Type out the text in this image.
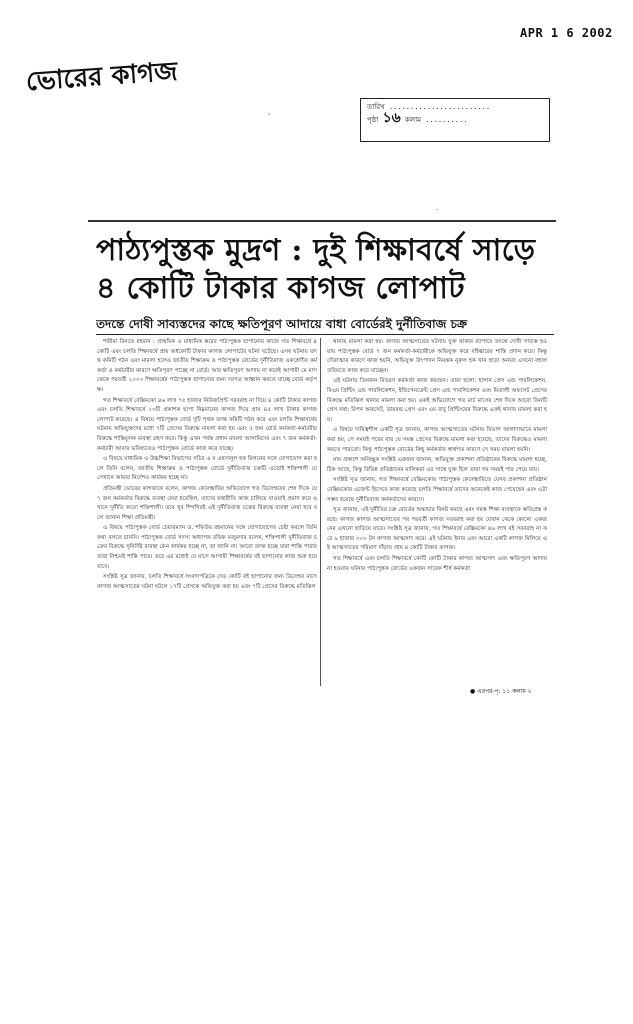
APR 1 6 2002
ভোরের কাগজ
তারিখ ........................
পৃষ্ঠা ১৬ কলাম ..........
‘
.
পাঠ্যপুস্তক মুদ্রণ : দুই শিক্ষাবর্ষে সাড়ে
৪ কোটি টাকার কাগজ লোপাট
তদন্তে দোষী সাব্যস্তদের কাছে ক্ষতিপূরণ আদায়ে বাধা বোর্ডেরই দুর্নীতিবাজ চক্র

শামীমা বিনতে রহমান : প্রাথমিক ও মাধ্যমিক স্তরের পাঠ্যপুস্তক ছাপানোর কাজে গত শিক্ষাবর্ষে ৪ কোটি এবং চলতি শিক্ষাবর্ষে প্রায় অর্ধকোটি টাকার কাগজ লোপাটের ঘটনা ঘটেছে। এসব ঘটনায় তদন্ত কমিটি গঠন এবং মামলা হলেও জাতীয় শিক্ষাক্রম ও পাঠ্যপুস্তক বোর্ডের দুর্নীতিবাজ একশ্রেণীর কর্মকর্তা ও কর্মচারীর কারণে ক্ষতিপূরণ পাচ্ছে না বোর্ড। আর ক্ষতিপূরণ আদায় না করেই আগামী মে মাস থেকে পরবর্তী ২০০৩ শিক্ষাবর্ষের পাঠ্যপুস্তক ছাপানোর জন্য দরপত্র আহ্বান করতে যাচ্ছে বোর্ড কর্তৃপক্ষ।

গত শিক্ষাবর্ষে বেক্সিমকো ৪৬ লাখ ৭৫ হাজার নিউজপ্রিন্ট সরবরাহ না দিয়ে ৪ কোটি টাকার কাগজ এবং চলতি শিক্ষাবর্ষে ২৩টি প্রকাশক ছাপা নিম্নমানের কাগজ দিয়ে প্রায় ৪৫ লাখ টাকার কাগজ লোপাট করেছে। এ বিষয়ে পাঠ্যপুস্তক বোর্ড দুটি পৃথক তদন্ত কমিটি গঠন করে এবং চলতি শিক্ষাবর্ষের ঘটনায় অভিযুক্তদের মধ্যে ৭টি প্রেসের বিরুদ্ধে মামলা করা হয় এবং ৫ জন বোর্ড কর্মকর্তা-কর্মচারীর বিরুদ্ধে শাস্তিমূলক ব্যবস্থা গ্রহণ করে। কিন্তু এখন পর্যন্ত প্রধান মামলা আসামিদের এবং ৭ জন কর্মকর্তা-কর্মচারী আবার ভবিষ্যতেও পাঠ্যপুস্তক বোর্ডে কাজ করে যাচ্ছে।

এ বিষয়ে মাধ্যমিক ও উচ্চশিক্ষা বিভাগের সচিব এ ম এহসানুল হক মিলনের সঙ্গে যোগাযোগ করা হলে তিনি বলেন, জাতীয় শিক্ষাক্রম ও পাঠ্যপুস্তক বোর্ডে দুর্নীতিবাজ চক্রটি এতোই শক্তিশালী যে সেখানে আমার নির্দেশও কার্যকর হচ্ছে না।

প্রতিমন্ত্রী ভোরের কাগজকে বলেন, কাগজ কেলেঙ্কারির অভিযোগে গত ডিসেম্বরের শেষ দিকে যে ৭ জন কর্মকর্তার বিরুদ্ধে ব্যবস্থা নেয়া হয়েছিল, তাদের যথারীতি কাজ চালিয়ে যাওয়াই প্রমাণ করে ওখানে দুর্নীতি কতো শক্তিশালী। তবে খুব শিগগিরই এই দুর্নীতিবাজ চক্রের বিরুদ্ধে ব্যবস্থা নেয়া হবে বলে জানান শিক্ষা প্রতিমন্ত্রী।

এ বিষয়ে পাঠ্যপুস্তক বোর্ড চেয়ারম্যান ড. শফিউর রহমানের সঙ্গে যোগাযোগের চেষ্টা করলে তিনি কথা বলতে চাননি। পাঠ্যপুস্তক বোর্ড সদস্য অধ্যাপক রফিক মজুমদার বলেন, শক্তিশালী দুর্নীতিবাজ চক্রের বিরুদ্ধে সুনির্দিষ্ট ব্যবস্থা কেন কার্যকর হচ্ছে না, তা জানি না। আরো তদন্ত হচ্ছে যারা শাস্তি পাবার তারা নিশ্চয়ই শাস্তি পাবে। তবে এর মধ্যেই যে মাসে আগামী শিক্ষাবর্ষের বই ছাপানোর কাজ শুরু হয়ে যাবে।

সংশ্লিষ্ট সূত্র জানায়, চলতি শিক্ষাবর্ষে সংবাদপত্রিকে দেড় কোটি বই ছাপানোর জন্য ডিসেম্বর মাসে কাগজ আত্মসাতের ঘটনা ঘটলে ১৭টি প্রেসকে অভিযুক্ত করা হয় এবং ৭টি প্রেসের বিরুদ্ধে মতিঝিল

থানায় মামলা করা হয়। কাগজ আত্মসাতের ঘটনায় যুক্ত থাকার ব্যাপারে তদন্তে দোষী সাব্যস্ত হওয়ায় পাঠ্যপুস্তক বোর্ড ৭ জন কর্মকর্তা-কর্মচারীকে অভিযুক্ত করে বহিষ্কারের শাস্তি প্রদান করে। কিন্তু দৌরাত্ম্যর কারণে কাজ হয়নি, অভিযুক্ত উৎপাদন নিয়ন্ত্রক নুরুল হক খান ছাড়া অন্যরা এখনো বহাল তবিয়তে কাজ করে যাচ্ছেন।

এই ঘটনায় তিনজন বিতরণ কর্মকর্তা কাজ করছেন। তারা হলো: হাসান প্রেস এন্ড পাবলিকেশন, বিএম প্রিন্টিং এন্ড পাবলিকেশন, ইন্ডিপেনডেন্ট প্রেস এন্ড পাবলিকেশন এবং মিতালী অফসেট প্রেসের বিরুদ্ধে মতিঝিল থানায় মামলা করা হয়। একই অভিযোগে গত মার্চ মাসের শেষ দিকে আরো তিনটি প্রেস যথা: রিপন অফসেট, ডায়মন্ড প্রেস এবং এম বাবু প্রিন্টিংয়ের বিরুদ্ধে একই থানায় মামলা করা হয়।

এ বিষয়ে দায়িত্বশীল একটি সূত্র জানায়, কাগজ আত্মসাতের ঘটনায় বিভাগ আলাদাভাবে মামলা করা হয়, সে সময়ই পরের বার যে সমস্ত প্রেসের বিরুদ্ধে মামলা করা হয়েছে, তাদের বিরুদ্ধেও মামলা করতে পারতো। কিন্তু পাঠ্যপুস্তক বোর্ডের কিছু কর্মকর্তার স্বার্থগত কারণে সে সময় মামলা হয়নি।

নাম প্রকাশে অনিচ্ছুক সংশ্লিষ্ট একজন জানান, অভিযুক্ত প্রকাশনা প্রতিষ্ঠানের বিরুদ্ধে মামলা হচ্ছে, ঠিক আছে, কিন্তু বিভিন্ন প্রতিষ্ঠানের মালিকরা এর সাথে যুক্ত ছিল তারা সব সময়ই পার পেয়ে যায়।

সংশ্লিষ্ট সূত্র জানায়, গত শিক্ষাবর্ষে বেক্সিমকোর পাঠ্যপুস্তক কেলেঙ্কারিতে যেসব প্রকাশনা প্রতিষ্ঠান বেক্সিমকোর এজেন্ট হিসেবে কাজ করেছে চলতি শিক্ষাবর্ষে তাদের অনেকেই কাজ পেয়েছেন এবং এটা সম্ভব হয়েছে দুর্নীতিবাজ কর্মকর্তাদের কারণে।

সূত্র জানায়, এই দুর্নীতির চক্র বোর্ডের শুদ্ধাচার বিনষ্ট করছে এবং সমস্ত শিক্ষা ব্যবস্থাকে ক্ষতিগ্রস্ত করছে। কাগজ কাগজ আত্মসাতের পর পরবর্তী কাগজ সরবরাহ করা হয় যেখান থেকে কোনো একজনের এখনো ছাড়িয়ে যাবে। সংশ্লিষ্ট সূত্র জানায়, গত শিক্ষাবর্ষে বেক্সিমকো ৪৬ লাখ বই সরবরাহ না করে ৯ হাজার ৩০০ টন কাগজ আত্মসাৎ করে। এই ঘটনায় ইনার এবং আরো একটি কাগজ মিলিয়ে এই আত্মসাতের পরিমাণ দাঁড়ায় প্রায় ৪ কোটি টাকার কাগজ।

গত শিক্ষাবর্ষে এবং চলতি শিক্ষাবর্ষে কোটি কোটি টাকার কাগজ আত্মসাৎ এবং ক্ষতিপূরণ আদায় না হওয়ায় ঘটনার পাঠ্যপুস্তক বোর্ডের একজন সাবেক শীর্ষ কর্মকর্তা

● এরপর-পৃ: ১১ কলাম ২
